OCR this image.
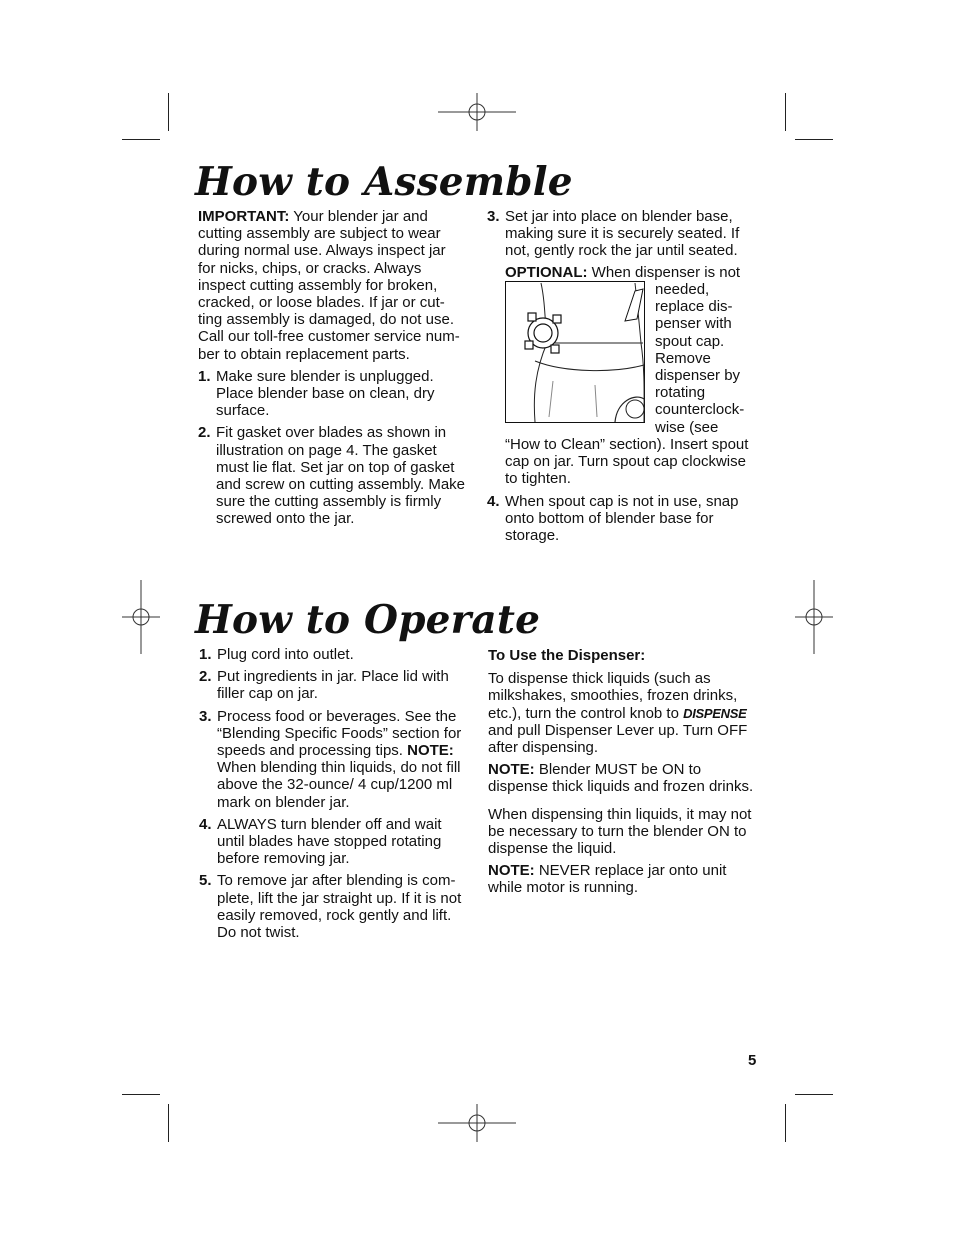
How to Assemble

IMPORTANT: Your blender jar and cutting assembly are subject to wear during normal use. Always inspect jar for nicks, chips, or cracks. Always inspect cutting assembly for broken, cracked, or loose blades. If jar or cut-ting assembly is damaged, do not use. Call our toll-free customer service num-ber to obtain replacement parts.

1. Make sure blender is unplugged. Place blender base on clean, dry surface.
2. Fit gasket over blades as shown in illustration on page 4. The gasket must lie flat. Set jar on top of gasket and screw on cutting assembly. Make sure the cutting assembly is firmly screwed onto the jar.
3. Set jar into place on blender base, making sure it is securely seated. If not, gently rock the jar until seated.
OPTIONAL: When dispenser is not
needed,
replace dis-
penser with
spout cap.
Remove
dispenser by
rotating
counterclock-
wise (see

“How to Clean” section). Insert spout cap on jar. Turn spout cap clockwise to tighten.

4. When spout cap is not in use, snap onto bottom of blender base for storage.
How to Operate
1. Plug cord into outlet.
2. Put ingredients in jar. Place lid with filler cap on jar.
3. Process food or beverages. See the “Blending Specific Foods” section for speeds and processing tips. NOTE: When blending thin liquids, do not fill above the 32-ounce/ 4 cup/1200 ml mark on blender jar.
4. ALWAYS turn blender off and wait until blades have stopped rotating before removing jar.
5. To remove jar after blending is com-plete, lift the jar straight up. If it is not easily removed, rock gently and lift. Do not twist.
To Use the Dispenser:

To dispense thick liquids (such as milkshakes, smoothies, frozen drinks, etc.), turn the control knob to DISPENSE and pull Dispenser Lever up. Turn OFF after dispensing.

NOTE: Blender MUST be ON to dispense thick liquids and frozen drinks.

When dispensing thin liquids, it may not be necessary to turn the blender ON to dispense the liquid.

NOTE: NEVER replace jar onto unit while motor is running.

5
